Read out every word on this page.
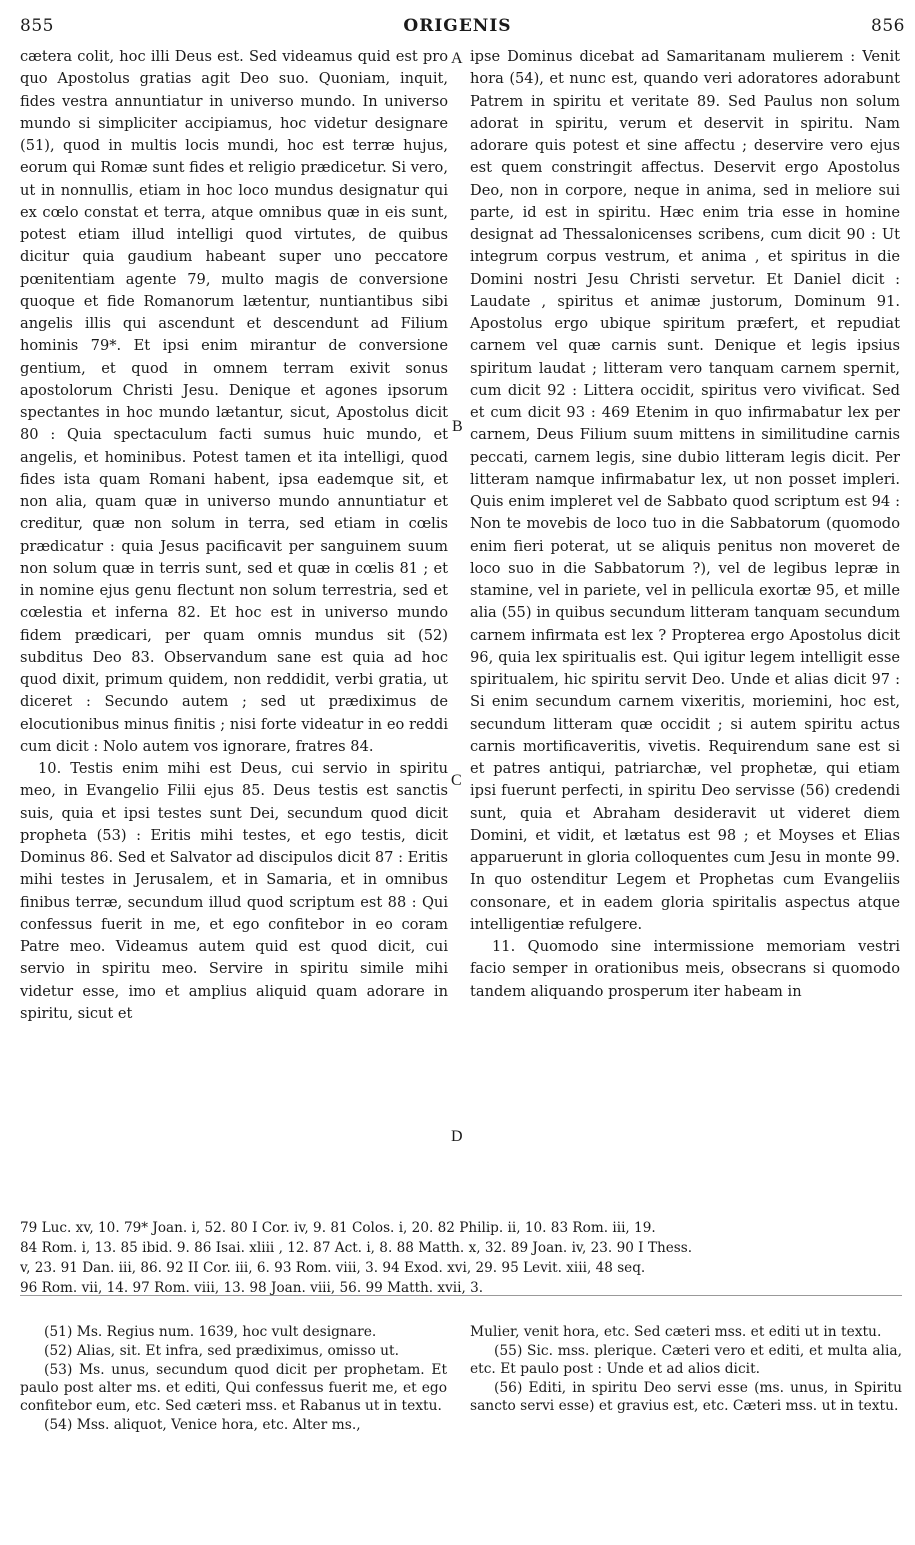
855	ORIGENIS	856
A
B
C
D

cætera colit, hoc illi Deus est. Sed videamus quid est pro quo Apostolus gratias agit Deo suo. Quoniam, inquit, fides vestra annuntiatur in universo mundo. In universo mundo si simpliciter accipiamus, hoc videtur designare (51), quod in multis locis mundi, hoc est terræ hujus, eorum qui Romæ sunt fides et religio prædicetur. Si vero, ut in nonnullis, etiam in hoc loco mundus designatur qui ex cœlo constat et terra, atque omnibus quæ in eis sunt, potest etiam illud intelligi quod virtutes, de quibus dicitur quia gaudium habeant super uno peccatore pœnitentiam agente 79, multo magis de conversione quoque et fide Romanorum lætentur, nuntiantibus sibi angelis illis qui ascendunt et descendunt ad Filium hominis 79*. Et ipsi enim mirantur de conversione gentium, et quod in omnem terram exivit sonus apostolorum Christi Jesu. Denique et agones ipsorum spectantes in hoc mundo lætantur, sicut, Apostolus dicit 80 : Quia spectaculum facti sumus huic mundo, et angelis, et hominibus. Potest tamen et ita intelligi, quod fides ista quam Romani habent, ipsa eademque sit, et non alia, quam quæ in universo mundo annuntiatur et creditur, quæ non solum in terra, sed etiam in cœlis prædicatur : quia Jesus pacificavit per sanguinem suum non solum quæ in terris sunt, sed et quæ in cœlis 81 ; et in nomine ejus genu flectunt non solum terrestria, sed et cœlestia et inferna 82. Et hoc est in universo mundo fidem prædicari, per quam omnis mundus sit (52) subditus Deo 83. Observandum sane est quia ad hoc quod dixit, primum quidem, non reddidit, verbi gratia, ut diceret : Secundo autem ; sed ut prædiximus de elocutionibus minus finitis ; nisi forte videatur in eo reddi cum dicit : Nolo autem vos ignorare, fratres 84.

10. Testis enim mihi est Deus, cui servio in spiritu meo, in Evangelio Filii ejus 85. Deus testis est sanctis suis, quia et ipsi testes sunt Dei, secundum quod dicit propheta (53) : Eritis mihi testes, et ego testis, dicit Dominus 86. Sed et Salvator ad discipulos dicit 87 : Eritis mihi testes in Jerusalem, et in Samaria, et in omnibus finibus terræ, secundum illud quod scriptum est 88 : Qui confessus fuerit in me, et ego confitebor in eo coram Patre meo. Videamus autem quid est quod dicit, cui servio in spiritu meo. Servire in spiritu simile mihi videtur esse, imo et amplius aliquid quam adorare in spiritu, sicut et

ipse Dominus dicebat ad Samaritanam mulierem : Venit hora (54), et nunc est, quando veri adoratores adorabunt Patrem in spiritu et veritate 89. Sed Paulus non solum adorat in spiritu, verum et deservit in spiritu. Nam adorare quis potest et sine affectu ; deservire vero ejus est quem constringit affectus. Deservit ergo Apostolus Deo, non in corpore, neque in anima, sed in meliore sui parte, id est in spiritu. Hæc enim tria esse in homine designat ad Thessalonicenses scribens, cum dicit 90 : Ut integrum corpus vestrum, et anima , et spiritus in die Domini nostri Jesu Christi servetur. Et Daniel dicit : Laudate , spiritus et animæ justorum, Dominum 91. Apostolus ergo ubique spiritum præfert, et repudiat carnem vel quæ carnis sunt. Denique et legis ipsius spiritum laudat ; litteram vero tanquam carnem spernit, cum dicit 92 : Littera occidit, spiritus vero vivificat. Sed et cum dicit 93 : 469 Etenim in quo infirmabatur lex per carnem, Deus Filium suum mittens in similitudine carnis peccati, carnem legis, sine dubio litteram legis dicit. Per litteram namque infirmabatur lex, ut non posset impleri. Quis enim impleret vel de Sabbato quod scriptum est 94 : Non te movebis de loco tuo in die Sabbatorum (quomodo enim fieri poterat, ut se aliquis penitus non moveret de loco suo in die Sabbatorum ?), vel de legibus lepræ in stamine, vel in pariete, vel in pellicula exortæ 95, et mille alia (55) in quibus secundum litteram tanquam secundum carnem infirmata est lex ? Propterea ergo Apostolus dicit 96, quia lex spiritualis est. Qui igitur legem intelligit esse spiritualem, hic spiritu servit Deo. Unde et alias dicit 97 : Si enim secundum carnem vixeritis, moriemini, hoc est, secundum litteram quæ occidit ; si autem spiritu actus carnis mortificaveritis, vivetis. Requirendum sane est si et patres antiqui, patriarchæ, vel prophetæ, qui etiam ipsi fuerunt perfecti, in spiritu Deo servisse (56) credendi sunt, quia et Abraham desideravit ut videret diem Domini, et vidit, et lætatus est 98 ; et Moyses et Elias apparuerunt in gloria colloquentes cum Jesu in monte 99. In quo ostenditur Legem et Prophetas cum Evangeliis consonare, et in eadem gloria spiritalis aspectus atque intelligentiæ refulgere.

11. Quomodo sine intermissione memoriam vestri facio semper in orationibus meis, obsecrans si quomodo tandem aliquando prosperum iter habeam in

79 Luc. xv, 10. 79* Joan. i, 52. 80 I Cor. iv, 9. 81 Colos. i, 20. 82 Philip. ii, 10. 83 Rom. iii, 19.
84 Rom. i, 13. 85 ibid. 9. 86 Isai. xliii , 12. 87 Act. i, 8. 88 Matth. x, 32. 89 Joan. iv, 23. 90 I Thess.
v, 23. 91 Dan. iii, 86. 92 II Cor. iii, 6. 93 Rom. viii, 3. 94 Exod. xvi, 29. 95 Levit. xiii, 48 seq.
96 Rom. vii, 14. 97 Rom. viii, 13. 98 Joan. viii, 56. 99 Matth. xvii, 3.

(51) Ms. Regius num. 1639, hoc vult designare.

(52) Alias, sit. Et infra, sed prædiximus, omisso ut.

(53) Ms. unus, secundum quod dicit per prophetam. Et paulo post alter ms. et editi, Qui confessus fuerit me, et ego confitebor eum, etc. Sed cæteri mss. et Rabanus ut in textu.

(54) Mss. aliquot, Venice hora, etc. Alter ms.,

Mulier, venit hora, etc. Sed cæteri mss. et editi ut in textu.

(55) Sic. mss. plerique. Cæteri vero et editi, et multa alia, etc. Et paulo post : Unde et ad alios dicit.

(56) Editi, in spiritu Deo servi esse (ms. unus, in Spiritu sancto servi esse) et gravius est, etc. Cæteri mss. ut in textu.
